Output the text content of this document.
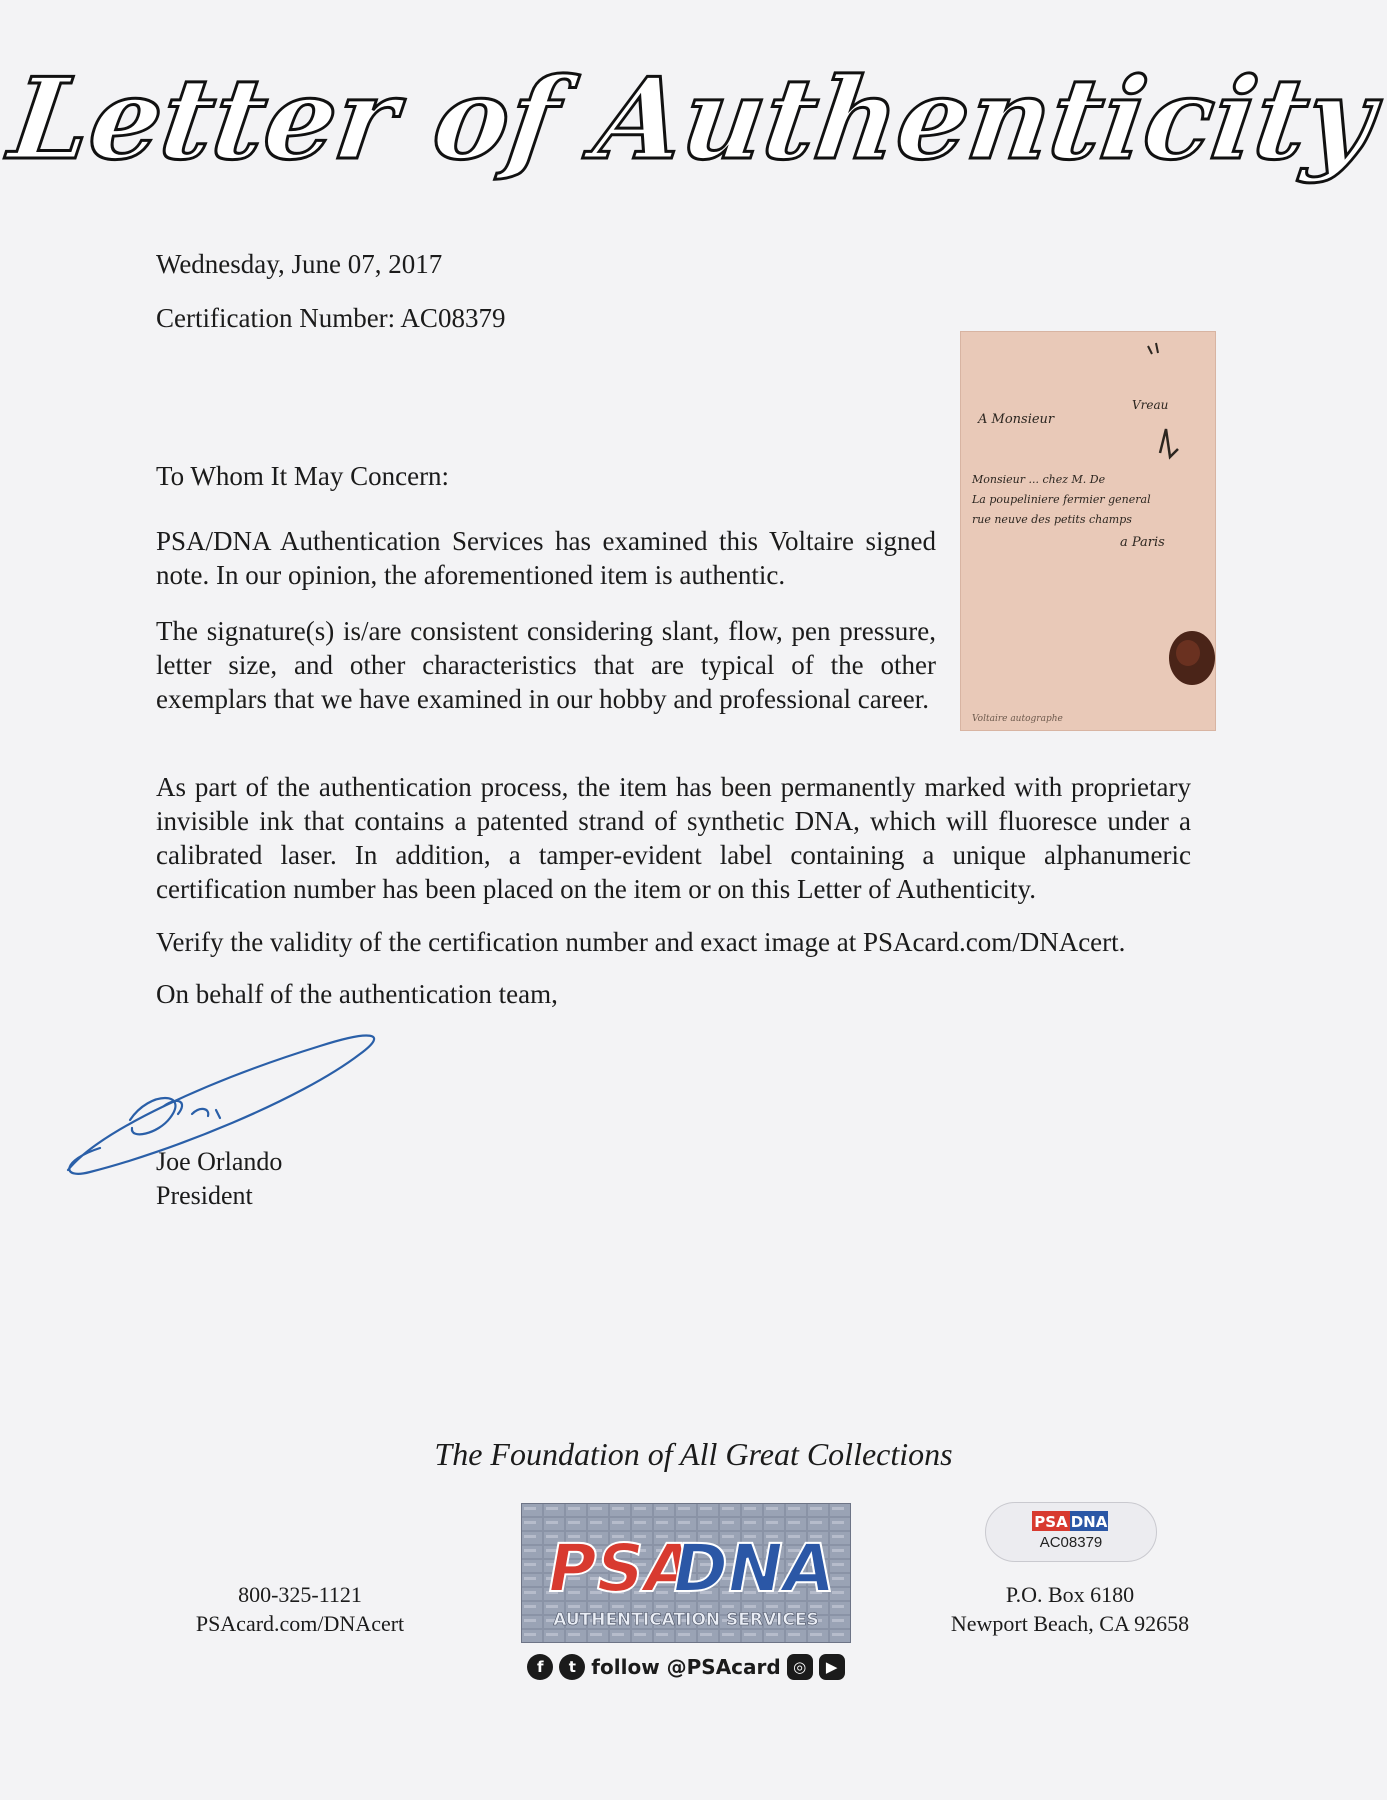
Letter of Authenticity
Wednesday, June 07, 2017
Certification Number: AC08379
A Monsieur
Vreau
Monsieur ... chez M. De
La poupeliniere fermier general
rue neuve des petits champs
a Paris
Voltaire autographe
To Whom It May Concern:

PSA/DNA Authentication Services has examined this Voltaire signed note. In our opinion, the aforementioned item is authentic.

The signature(s) is/are consistent considering slant, flow, pen pressure, letter size, and other characteristics that are typical of the other exemplars that we have examined in our hobby and professional career.

As part of the authentication process, the item has been permanently marked with proprietary invisible ink that contains a patented strand of synthetic DNA, which will fluoresce under a calibrated laser. In addition, a tamper-evident label containing a unique alphanumeric certification number has been placed on the item or on this Letter of Authenticity.

Verify the validity of the certification number and exact image at PSAcard.com/DNAcert.
On behalf of the authentication team,
Joe Orlando
President
The Foundation of All Great Collections
800-325-1121
PSAcard.com/DNAcert
PSA
DNA
AUTHENTICATION SERVICES
f	t follow @PSAcard ◎	▶
PSA DNA
AC08379
P.O. Box 6180
Newport Beach, CA 92658
